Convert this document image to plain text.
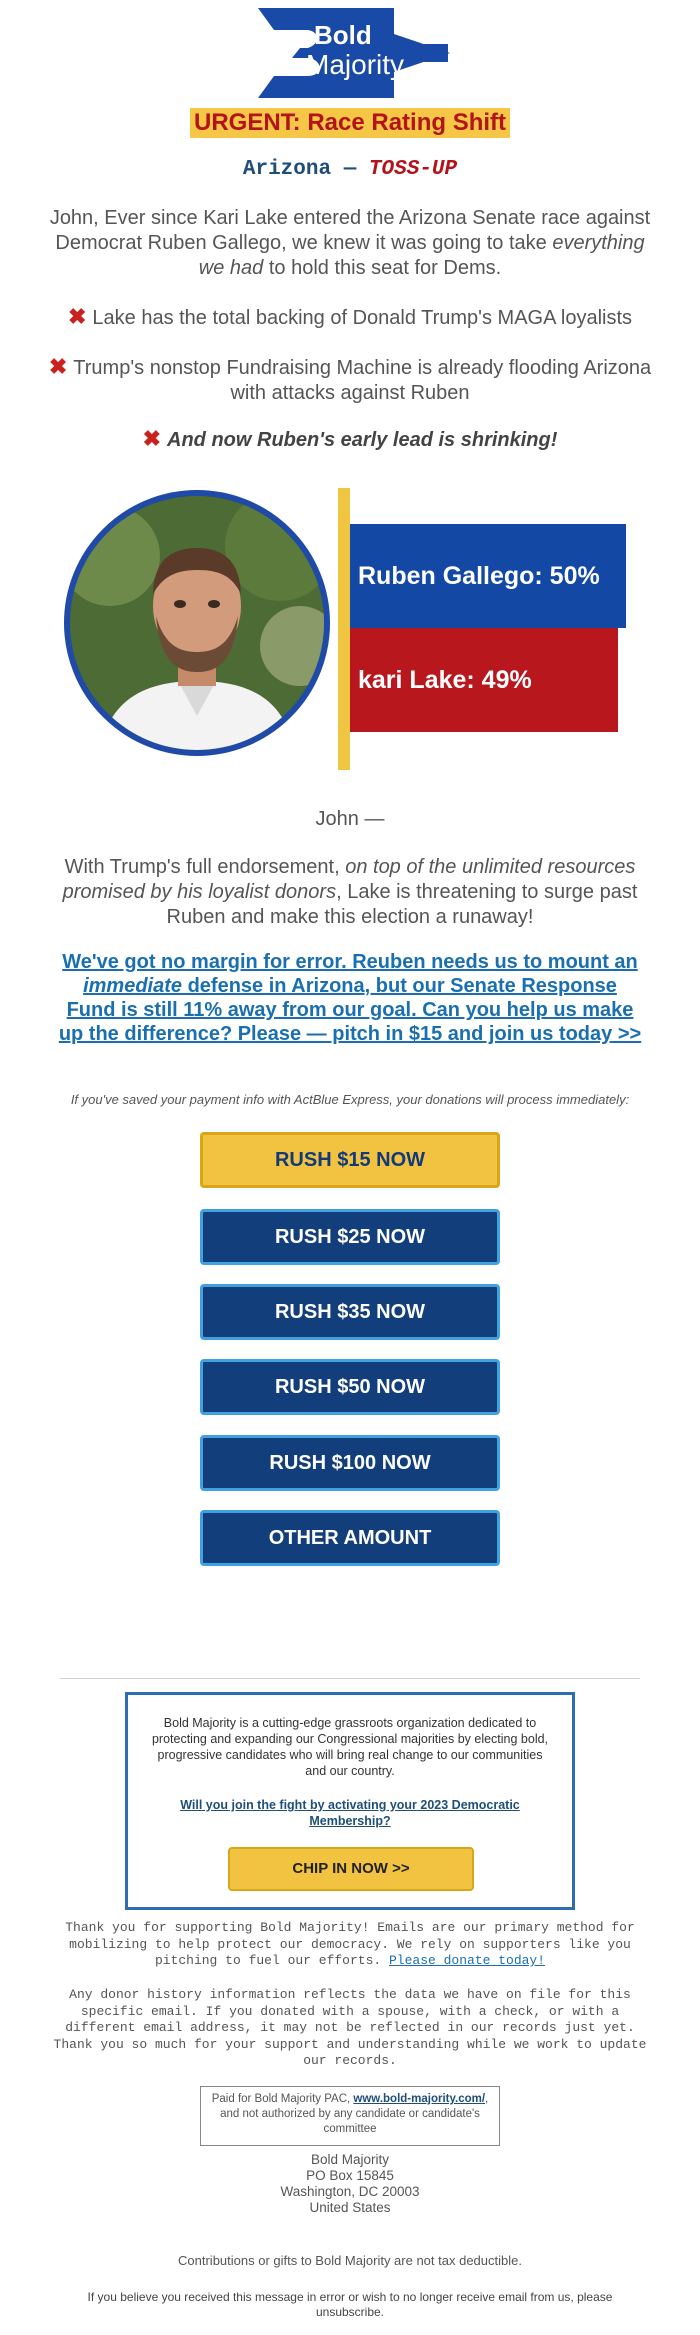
Bold
Majority
URGENT: Race Rating Shift
Arizona — TOSS-UP
John, Ever since Kari Lake entered the Arizona Senate race against Democrat Ruben Gallego, we knew it was going to take everything we had to hold this seat for Dems.
✖ Lake has the total backing of Donald Trump's MAGA loyalists
✖ Trump's nonstop Fundraising Machine is already flooding Arizona with attacks against Ruben
✖ And now Ruben's early lead is shrinking!
Ruben Gallego: 50%
kari Lake: 49%
John —
With Trump's full endorsement, on top of the unlimited resources promised by his loyalist donors, Lake is threatening to surge past Ruben and make this election a runaway!
We've got no margin for error. Reuben needs us to mount an immediate defense in Arizona, but our Senate Response Fund is still 11% away from our goal. Can you help us make up the difference? Please — pitch in $15 and join us today >>
If you've saved your payment info with ActBlue Express, your donations will process immediately:
RUSH $15 NOW
RUSH $25 NOW
RUSH $35 NOW
RUSH $50 NOW
RUSH $100 NOW
OTHER AMOUNT
Bold Majority is a cutting-edge grassroots organization dedicated to protecting and expanding our Congressional majorities by electing bold, progressive candidates who will bring real change to our communities and our country.
Will you join the fight by activating your 2023 Democratic Membership?
CHIP IN NOW >>
Thank you for supporting Bold Majority! Emails are our primary method for mobilizing to help protect our democracy. We rely on supporters like you pitching to fuel our efforts. Please donate today!
Any donor history information reflects the data we have on file for this specific email. If you donated with a spouse, with a check, or with a different email address, it may not be reflected in our records just yet. Thank you so much for your support and understanding while we work to update our records.
Paid for Bold Majority PAC, www.bold-majority.com/, and not authorized by any candidate or candidate's committee
Bold Majority
PO Box 15845
Washington, DC 20003
United States
Contributions or gifts to Bold Majority are not tax deductible.
If you believe you received this message in error or wish to no longer receive email from us, please unsubscribe.
